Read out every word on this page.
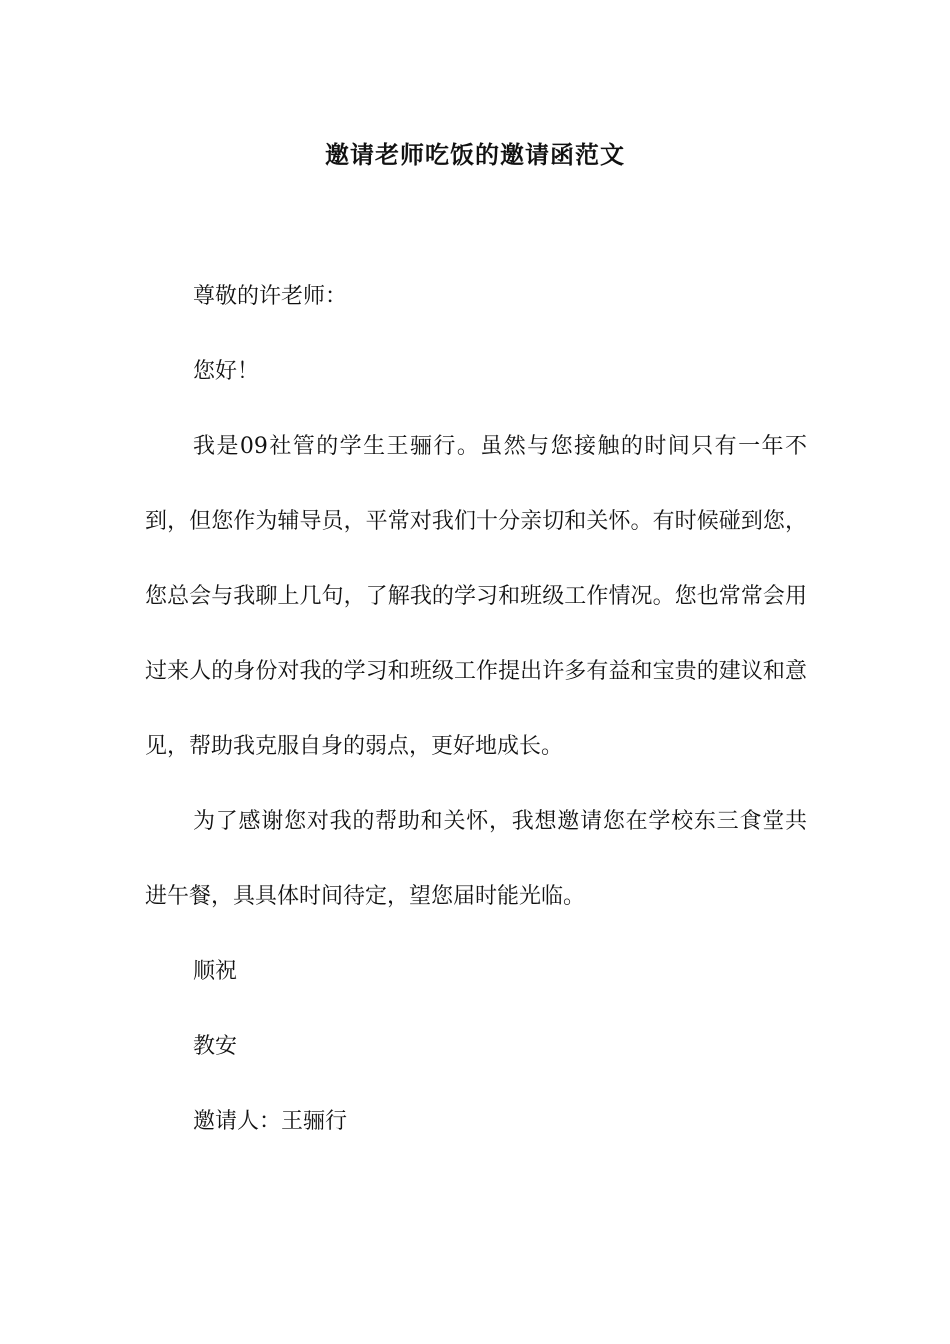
邀请老师吃饭的邀请函范文

尊敬的许老师：

您好！

我是09社管的学生王骊行。虽然与您接触的时间只有一年不到，但您作为辅导员，平常对我们十分亲切和关怀。有时候碰到您，您总会与我聊上几句，了解我的学习和班级工作情况。您也常常会用过来人的身份对我的学习和班级工作提出许多有益和宝贵的建议和意见，帮助我克服自身的弱点，更好地成长。

为了感谢您对我的帮助和关怀，我想邀请您在学校东三食堂共进午餐，具具体时间待定，望您届时能光临。

顺祝

教安

邀请人：王骊行
